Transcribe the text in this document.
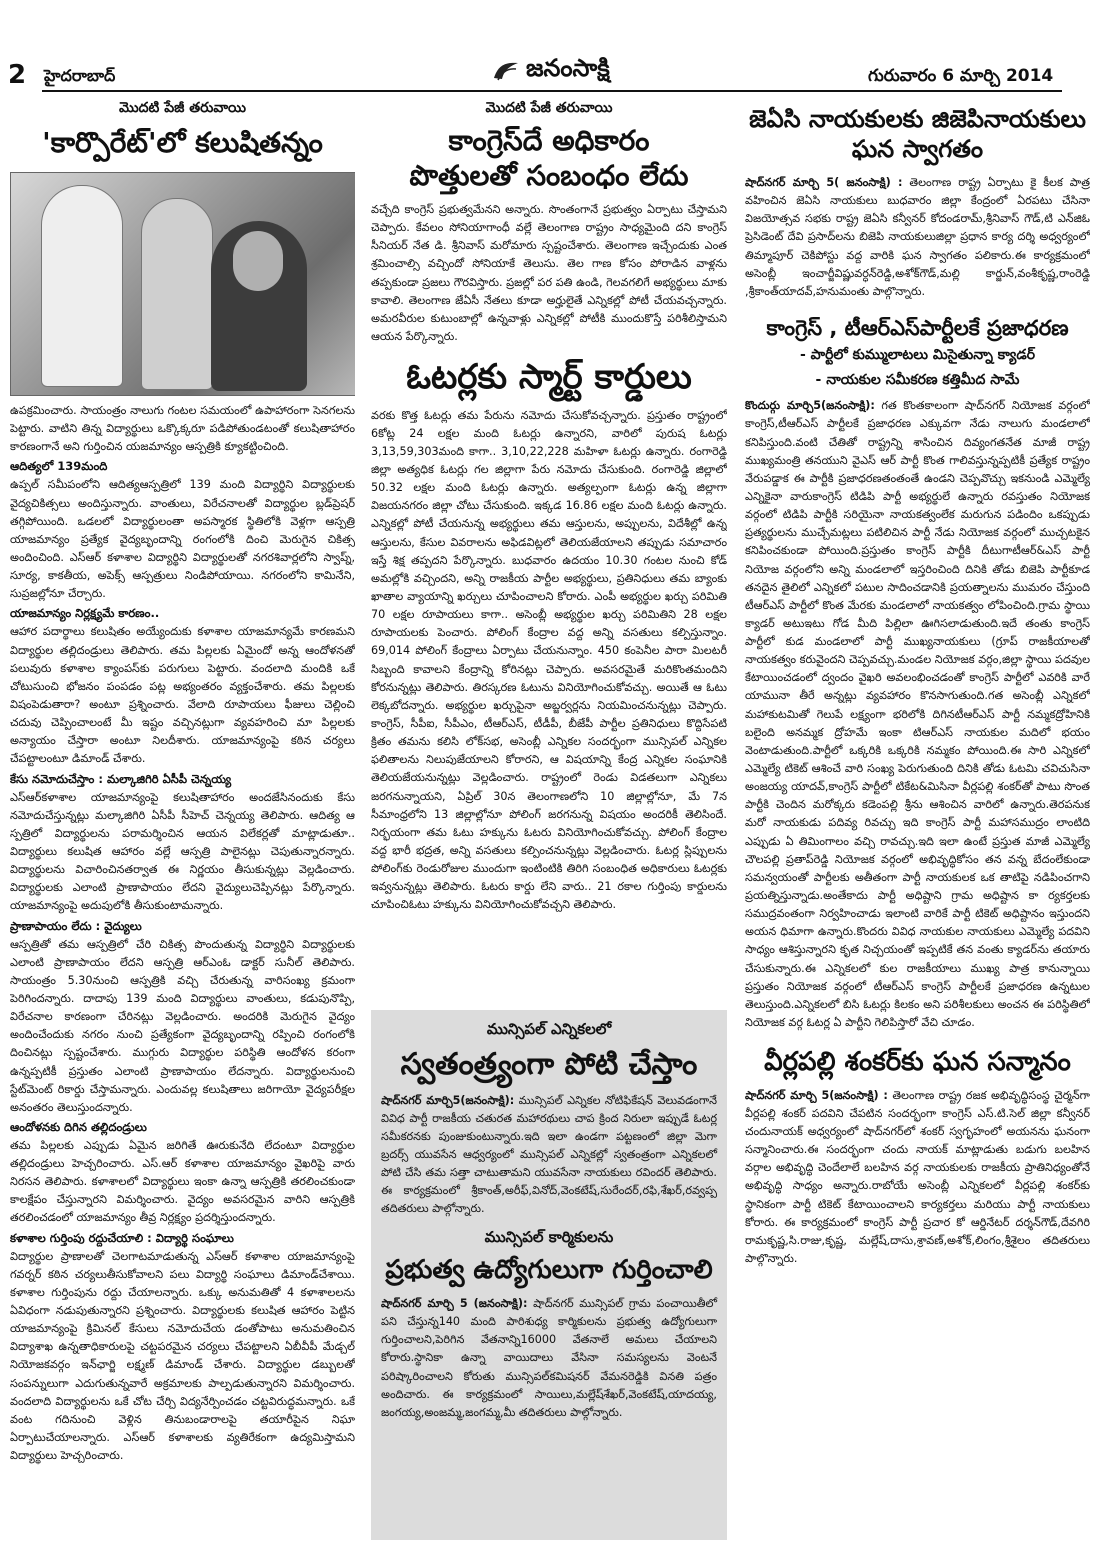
2 హైదరాబాద్	జనంసాక్షి	గురువారం 6 మార్చి 2014

మొదటి పేజీ తరువాయి

'కార్పొరేట్'లో కలుషితన్నం

ఉపక్రమించారు. సాయంత్రం నాలుగు గంటల సమయంలో ఉపాహారంగా సెనగలను పెట్టారు. వాటిని తిన్న విద్యార్థులు ఒక్కొక్కరూ పడిపోతుండటంతో కలుషితాహారం కారణంగానే అని గుర్తించిన యజమాన్యం ఆస్పత్రికి క్యూకట్టించింది.

ఆదిత్యలో 139మంది

ఉప్పల్ సమీపంలోని ఆదిత్యఆస్పత్రిలో 139 మంది విద్యార్థిని విద్యార్థులకు వైద్యచికిత్సలు అందిస్తున్నారు. వాంతులు, విరేచనాలతో విద్యార్థుల బ్లడ్‌ప్రెషర్ తగ్గిపోయింది. ఒడలలో విద్యార్థులంతా అపస్మారక స్థితిలోకి వెళ్లగా ఆస్పత్రి యాజమాన్యం ప్రత్యేక వైద్యబృందాన్ని రంగంలోకి దించి మెరుగైన చికిత్స అందించింది. ఎస్ఆర్ కళాశాల విద్యార్థిని విద్యార్థులతో నగరశివార్లలోని స్వాప్న్, సూర్య, కాకతీయ, అపెక్స్ ఆస్పత్రులు నిండిపోయాయి. నగరంలోని కామినేని, సుప్రజల్లోనూ చేర్చారు.

యాజమాన్యం నిర్లక్ష్యమే కారణం..

ఆహార పదార్థాలు కలుషితం అయ్యేందుకు కళాశాల యాజమాన్యమే కారణమని విద్యార్థుల తల్లిదండ్రులు తెలిపారు. తమ పిల్లలకు ఏమైందో అన్న ఆందోళనతో పలువురు కళాశాల క్యాంపస్‌కు పరుగులు పెట్టారు. వందలాది మందికి ఒకే చోటుసుంచి భోజనం పంపడం పట్ల అభ్యంతరం వ్యక్తంచేశారు. తమ పిల్లలకు విషంపెడుతారా? అంటూ ప్రశ్నించారు. వేలాది రూపాయలు ఫీజులు చెల్లించి చదువు చెప్పించాలంటే మీ ఇష్టం వచ్చినట్లుగా వ్యవహరించి మా పిల్లలకు అన్యాయం చేస్తారా అంటూ నిలదీశారు. యాజమాన్యంపై కఠిన చర్యలు చేపట్టాలంటూ డిమాండ్ చేశారు.

కేసు నమోదుచేస్తాం : మల్కాజిగిరి ఏసీపీ చెన్నయ్య

ఎస్ఆర్‌కళాశాల యాజమాన్యంపై కలుషితాహారం అందజేసినందుకు కేసు నమోదుచేస్తున్నట్లు మల్కాజిగిరి ఏసీపీ సీహెచ్ చెన్నయ్య తెలిపారు. ఆదిత్య ఆ స్పత్రిలో విద్యార్థులను పరామర్శించిన ఆయన విలేకర్లతో మాట్లాడుతూ.. విద్యార్థులు కలుషిత ఆహారం వల్లే ఆస్పత్రి పాలైనట్లు చెపుతున్నారన్నారు. విద్యార్థులను విచారించినతర్వాత ఈ నిర్ణయం తీసుకున్నట్లు వెల్లడించారు. విద్యార్థులకు ఎలాంటి ప్రాణాపాయం లేదని వైద్యులుచెప్పినట్లు పేర్కొన్నారు. యాజమాన్యంపై అదుపులోకి తీసుకుంటామన్నారు.

ప్రాణాపాయం లేదు : వైద్యులు

ఆస్పత్రితో తమ ఆస్పత్రిలో చేరి చికిత్స పొందుతున్న విద్యార్థిని విద్యార్థులకు ఎలాంటి ప్రాణాపాయం లేదని ఆస్పత్రి ఆర్ఎంఓ డాక్టర్ సునీల్ తెలిపారు. సాయంత్రం 5.30నుంచి ఆస్పత్రికి వచ్చి చేరుతున్న వారిసంఖ్య క్రమంగా పెరిగిందన్నారు. దాదాపు 139 మంది విద్యార్థులు వాంతులు, కడుపునొప్పి, విరేచనాల కారణంగా చేరినట్లు వెల్లడించారు. అందరికి మెరుగైన వైద్యం అందించేందుకు నగరం నుంచి ప్రత్యేకంగా వైద్యబృందాన్ని రప్పించి రంగంలోకి దించినట్లు స్పష్టంచేశారు. ముగ్గురు విద్యార్థుల పరిస్థితి ఆందోళన కరంగా ఉన్నప్పటికీ ప్రస్తుతం ఎలాంటి ప్రాణాపాయం లేదన్నారు. విద్యార్థులనుంచి స్టేట్‌మెంట్ రికార్డు చేస్తామన్నారు. ఎందువల్ల కలుషితాలు జరిగాయో వైద్యపరీక్షల అనంతరం తెలుస్తుందన్నారు.

ఆందోళనకు దిగిన తల్లిదండ్రులు

తమ పిల్లలకు ఎప్పుడు ఏమైన జరిగితే ఊరుకునేది లేదంటూ విద్యార్థుల తల్లిదండ్రులు హెచ్చరించారు. ఎస్.ఆర్ కళాశాల యాజమాన్యం వైఖరిపై వారు నిరసన తెలిపారు. కళాశాలలో విద్యార్థులు ఇంకా ఉన్నా ఆస్పత్రికి తరలించకుండా కాలక్షేపం చేస్తున్నారని విమర్శించారు. వైద్యం అవసరమైన వారిని ఆస్పత్రికి తరలించడంలో యాజమాన్యం తీవ్ర నిర్లక్ష్యం ప్రదర్శిస్తుందన్నారు.

కళాశాల గుర్తింపు రద్దుచేయాలి : విద్యార్థి సంఘాలు

విద్యార్థుల ప్రాణాలతో చెలగాటమాడుతున్న ఎస్ఆర్ కళాశాల యాజమాన్యంపై గవర్నర్ కఠిన చర్యలుతీసుకోవాలని పలు విద్యార్థి సంఘాలు డిమాండ్‌చేశాయి. కళాశాల గుర్తింపును రద్దు చేయాలన్నారు. ఒక్కు అనుమతితో 4 కళాశాలలను ఏవిధంగా నడుపుతున్నారని ప్రశ్నించారు. విద్యార్థులకు కలుషిత ఆహారం పెట్టిన యాజమాన్యంపై క్రిమినల్ కేసులు నమోదుచేయ డంతోపాటు అనుమతించిన విద్యాశాఖ ఉన్నతాధికారులపై చట్టపరమైన చర్యలు చేపట్టాలని ఏబీవీపీ మేడ్చల్ నియోజకవర్గం ఇన్‌ఛార్జి లక్ష్మణ్ డిమాండ్ చేశారు. విద్యార్థుల డబ్బులతో సంపన్నులుగా ఎదుగుతున్నవారే అక్రమాలకు పాల్పడుతున్నారని విమర్శించారు. వందలాది విద్యార్థులను ఒకే చోట చేర్చి విద్యనేర్పించడం చట్టవిరుద్ధమన్నారు. ఒకే వంట గదినుంచి వెళ్లిన తినుబండారాలపై తయారీపైన నిఘా ఏర్పాటుచేయాలన్నారు. ఎస్ఆర్ కళాశాలకు వ్యతిరేకంగా ఉద్యమిస్తామని విద్యార్థులు హెచ్చరించారు.

మొదటి పేజీ తరువాయి

కాంగ్రెస్‌దే అధికారం
పొత్తులతో సంబంధం లేదు

వచ్చేది కాంగ్రెస్ ప్రభుత్వమేనని అన్నారు. సొంతంగానే ప్రభుత్వం ఏర్పాటు చేస్తామని చెప్పారు. కేవలం సోనియాగాంధీ వల్లే తెలంగాణ రాష్ట్రం సాధ్యమైంది దని కాంగ్రెస్ సీనియర్ నేత డి. శ్రీనివాస్ మరోమారు స్పష్టంచేశారు. తెలంగాణ ఇచ్చేందుకు ఎంత శ్రమించాల్సి వచ్చిందో సోనియాకే తెలుసు. తెల గాణ కోసం పోరాడిన వాళ్లను తప్పకుండా ప్రజలు గౌరవిస్తారు. ప్రజల్లో పర పతి ఉండి, గెలవగలిగే అభ్యర్థులు మాకు కావాలి. తెలంగాణ జేఏసీ నేతలు కూడా అర్హులైతే ఎన్నికల్లో పోటీ చేయవచ్చన్నారు. అమరవీరుల కుటుంబాల్లో ఉన్నవాళ్లు ఎన్నికల్లో పోటీకి ముందుకొస్తే పరిశీలిస్తామని ఆయన పేర్కొన్నారు.

ఓటర్లకు స్మార్ట్ కార్డులు

వరకు కొత్త ఓటర్లు తమ పేరును నమోదు చేసుకోవచ్చన్నారు. ప్రస్తుతం రాష్ట్రంలో 6కోట్ల 24 లక్షల మంది ఓటర్లు ఉన్నారని, వారిలో పురుష ఓటర్లు 3,13,59,303మంది కాగా.. 3,10,22,228 మహిళా ఓటర్లు ఉన్నారు. రంగారెడ్డి జిల్లా అత్యధిక ఓటర్లు గల జిల్లాగా పేరు నమోదు చేసుకుంది. రంగారెడ్డి జిల్లాలో 50.32 లక్షల మంది ఓటర్లు ఉన్నారు. అత్యల్పంగా ఓటర్లు ఉన్న జిల్లాగా విజయనగరం జిల్లా చోటు చేసుకుంది. ఇక్కడ 16.86 లక్షల మంది ఓటర్లు ఉన్నారు. ఎన్నికల్లో పోటీ చేయనున్న అభ్యర్థులు తమ ఆస్తులను, అప్పులను, విదేశీల్లో ఉన్న ఆస్తులను, కేసుల వివరాలను అఫిడవిట్లలో తెలియజేయాలని తప్పుడు సమాచారం ఇస్తే శిక్ష తప్పదని పేర్కొన్నారు. బుధవారం ఉదయం 10.30 గంటల నుంచి కోడ్ అమల్లోకి వచ్చిందని, అన్ని రాజకీయ పార్టీల అభ్యర్థులు, ప్రతినిధులు తమ బ్యాంకు ఖాతాల వ్యాయాన్ని ఖర్చులు చూపించాలని కోరారు. ఎంపీ అభ్యర్థుల ఖర్చు పరిమితి 70 లక్షల రూపాయలు కాగా.. అసెంబ్లీ అభ్యర్థుల ఖర్చు పరిమితిని 28 లక్షల రూపాయలకు పెంచారు. పోలింగ్ కేంద్రాల వద్ద అన్ని వసతులు కల్పిస్తున్నాం. 69,014 పోలింగ్ కేంద్రాలు ఏర్పాటు చేయనున్నాం. 450 కంపెనీల పారా మిలటరీ సిబ్బంది కావాలని కేంద్రాన్ని కోరినట్లు చెప్పారు. అవసరమైతే మరికొంతమందిని కోరనున్నట్లు తెలిపారు. తిరస్కరణ ఓటును వినియోగించుకోవచ్చు. అయితే ఆ ఓటు లెక్కబోదన్నారు. అభ్యర్థుల ఖర్చుపైనా అబ్జర్వర్లను నియమించనున్నట్లు చెప్పారు. కాంగ్రెస్, సీపీఐ, సీపీఎం, టీఆర్ఎస్, టీడీపీ, బీజేపీ పార్టీల ప్రతినిధులు కొద్దిసేపటి క్రితం తమను కలిసి లోక్‌సభ, అసెంబ్లీ ఎన్నికల సందర్భంగా మున్సిపల్ ఎన్నికల ఫలితాలను నిలుపుజేయాలని కోరారని, ఆ విషయాన్ని కేంద్ర ఎన్నికల సంఘానికి తెలియజేయనున్నట్లు వెల్లడించారు. రాష్ట్రంలో రెండు విడతలుగా ఎన్నికలు జరగనున్నాయని, ఏప్రిల్ 30న తెలంగాణలోని 10 జిల్లాల్లోనూ, మే 7న సీమాంధ్రలోని 13 జిల్లాల్లోనూ పోలింగ్ జరగనున్న విషయం అందరికీ తెలిసిందే. నిర్భయంగా తమ ఓటు హక్కును ఓటరు వినియోగించుకోవచ్చు. పోలింగ్ కేంద్రాల వద్ద భారీ భద్రత, అన్ని వసతులు కల్పించనున్నట్లు వెల్లడించారు. ఓటర్ల స్లిప్పులను పోలింగ్‌కు రెండురోజుల ముందుగా ఇంటింటికి తిరిగి సంబంధిత అధికారులు ఓటర్లకు ఇవ్వనున్నట్లు తెలిపారు. ఓటరు కార్డు లేని వారు.. 21 రకాల గుర్తింపు కార్డులను చూపించిఓటు హక్కును వినియోగించుకోవచ్చని తెలిపారు.

మున్సిపల్ ఎన్నికలలో

స్వతంత్ర్యంగా పోటి చేస్తాం

షాద్‌నగర్ మార్చి5(జనంసాక్షి): మున్సిపల్ ఎన్నికల నోటిఫికేషన్ వెలువడంగానే వివిధ పార్టీ రాజకీయ చతురత మహారథులు చాప క్రింద నిరులా ఇప్పుడే ఓటర్ల సమీకరనకు పుంజుకుంటున్నారు.ఇది ఇలా ఉండగా పట్టణంలో జిల్లా మెగా బ్రదర్స్ యువసేన ఆధ్వర్యంలో మున్సిపల్ ఎన్నికల్లో స్వతంత్రంగా ఎన్నికలలో పోటి చేసి తమ సత్తా చాటుతామని యువసేనా నాయకులు రవిందర్ తెలిపారు. ఈ కార్యక్రమంలో శ్రీకాంత్,అరీఫ్,వినోద్,వెంకటేష్,సురేందర్,రఫి,శేఖర్,రవ్వప్ప తదితరులు పాల్గోన్నారు.

మున్సిపల్ కార్మికులను

ప్రభుత్వ ఉద్యోగులుగా గుర్తించాలి

షాద్‌నగర్ మార్చి 5 (జనంసాక్షి): షాద్‌నగర్ మున్సిపల్ గ్రామ పంచాయితీలో పని చేస్తున్న140 మంది పారిశుధ్య కార్మికులను ప్రభుత్వ ఉద్యోగులుగా గుర్తించాలని,పెరిగిన వేతనాన్ని16000 వేతనాలే అమలు చేయాలని కోరారు.స్థానికా ఉన్నా వాయిదాలు వేసినా సమస్యలను వెంటనే పరిష్కారించాలని కోరుతు మున్సిపల్‌కమిషనర్ వేమనరెడ్డికి వినతి పత్రం అందిచారు. ఈ కార్యక్రమంలో సాయిలు,మల్లేష్‌శేఖర్,వెంకటేష్,యాదయ్య, జంగయ్య,అంజమ్మ,జంగమ్మ,మీ తదితరులు పాల్గోన్నారు.

జెఏసి నాయకులకు జిజెపినాయకులు ఘన స్వాగతం

షాద్‌నగర్ మార్చి 5( జనంసాక్షి) : తెలంగాణ రాష్ట్ర ఏర్పాటు కై కీలక పాత్ర వహించిన జెఏసి నాయకులు బుధవారం జిల్లా కేంద్రంలో ఏరపటు చేసినా విజయోత్సవ సభకు రాష్ట్ర జెఏసి కన్వీనర్ కోదండరామ్,శ్రీనివాస్ గౌడ్,టి ఎన్‌జిఓ ప్రెసిడెంట్ దేవి ప్రసాద్‌లను బిజెపి నాయకులుజిల్లా ప్రధాన కార్య దర్శి అధ్వర్యంలో తిమ్మాపూర్ చెకిపోస్టు వద్ద వారికి ఘన స్వాగతం పలికారు.ఈ కార్యక్రమంలో అసెంబ్లీ ఇంచార్జీవిష్ణువర్ధన్‌రెడ్డి,అశోక్‌గౌడ్,మల్లి కార్జున్,వంశీకృష్ణ,రాంరెడ్డి ,శ్రీకాంత్‌యాదవ్,హనుమంతు పాల్గొన్నారు.

కాంగ్రెస్ , టీఆర్ఎస్‌పార్టీలకే ప్రజాధరణ

- పార్టీలో కుమ్ములాటలు మిసైతున్నా క్యాడర్

- నాయకుల సమీకరణ కత్తిమీద సామే

కొందుర్గు మార్చి5(జనంసాక్షి): గత కొంతకాలంగా షాద్‌నగర్ నియోజక వర్గంలో కాంగ్రెస్,టీఆర్ఎస్ పార్టీలకే ప్రజాధరణ ఎక్కువగా నేడు నాలుగు మండలాలో కనిపిస్తుంది.వంటి చేతితో రాష్ట్రన్ని శాసించిన దివ్యంగతనేత మాజీ రాష్ట్ర ముఖ్యమంత్రి తనయుని వైఎస్ ఆర్ పార్టీ కొంత గాలివస్తున్నప్పటికీ ప్రత్యేక రాష్ట్రం వేరుపడ్డాక ఈ పార్టీకి ప్రజాధరణతంతంతే ఉండని చెప్పవొచ్చు ఇకనుండి ఎమ్మెల్యే ఎన్నికైనా వారుకాంగ్రెస్ టిడిపి పార్టీ అభ్యర్థులే ఉన్నారు రవస్తుతం నియోజక వర్గంలో టిడిపి పార్టీకి సరియైనా నాయకత్వంలేక మరుగున పడిందిం ఒకప్పుడు ప్రత్యర్థులను ముచ్చేమట్లలు పటిలిచిన పార్టీ నేడు నియోజక వర్గంలో ముచ్చటకైన కనిపించకుండా పోయింది.ప్రస్తుతం కాంగ్రెస్ పార్టీకి దీటుగాటీఆర్&ఎస్ పార్టీ నియోజ వర్గంలోని అన్ని మండలాలో ఇస్తరించింది దినికి తోడు బిజెపి పార్టీకూడ తనదైన తైలిలో ఎన్నికలో పటుల సాదించడానికి ప్రయత్నాలను ముమరం చేస్తుంది టీఆర్ఎస్ పార్టీలో కొంత మేరకు మండలాలో నాయకత్వం లోపించింది.గ్రామ స్థాయి క్యాడర్ అటుఇటు గోడ మీది పిల్లిలా ఊగిసలాడుతుంది.ఇదే తంతు కాంగ్రెస్ పార్టీలో కుడ మండలాలో పార్టీ ముఖ్యనాయకులు (గ్రూప్ రాజకీయాలతో నాయకత్వం కరువైందని చెప్పవచ్చు.మండల నియోజక వర్గం,జిల్లా స్థాయి పదవుల కేటాయించడంలో ద్వందం వైఖరి అవలంభించడంతో కాంగ్రెస్ పార్టీలో ఎవరికి వారే యామునా తీరే అన్నట్లు వ్యవహారం కొనసాగుతుంది.గత అసెంబ్లీ ఎన్నికలో మహాకుటమితో గెలుపే లక్ష్యంగా భరిలోకి దిగినటీఆర్ఎస్ పార్టీ నమ్మకద్రోహినికి బలైంది అనమ్మక ద్రోహమే ఇంకా టిఆర్ఎస్ నాయకుల మదిలో భయం వెంటాడుతుంది.పార్టీలో ఒక్కరికి ఒక్కరికి నమ్మకం పోయింది.ఈ సారి ఎన్నికలో ఎమ్మెల్యే టికెట్ ఆశించే వారి సంఖ్య పెరుగుతుంది దినికి తోడు ఓటమి చవిచుసినా అంజయ్య యాదవ్,కాంగ్రెస్ పార్టీలో టికేట&మిసినా వీర్లపల్లి శంకర్‌తో పాటు సొంత పార్టీకి చెందిన మరోక్కరు కడెంపల్లి శ్రీను ఆశించిన వారిలో ఉన్నారు.తెరపనుక మరో నాయకుడు పదివ్య రివచ్చు ఇది కాంగ్రెస్ పార్టీ మహాసముద్రం లాంటిది ఎప్పుడు ఏ తిమింగాలం వచ్చి రావచ్చు.ఇది ఇలా ఉంటే ప్రస్తుత మాజీ ఎమ్మెల్యే చౌలపల్లి ప్రతాప్‌రెడ్డి నియోజక వర్గంలో అభివృద్ధికోసం తన వన్న బేదంలేకుండా సమన్వయంతో పార్టీలకు అతీతంగా పార్టీ నాయకులక ఒక తాటిపై నడిపించగాని ప్రయత్నిస్తున్నాడు.అంతేకాదు పార్టీ అధిష్టాని గ్రామ అధిష్టాన కా ర్యకర్తలకు సముద్రవంతంగా నిర్వహించాడు ఇలాంటి వారికే పార్టీ టికెట్ అధిష్టానం ఇస్తుందని అయన ధిమాగా ఉన్నారు.కొందరు వివిధ నాయకుల నాయకులు ఎమ్మెల్యే పదవిని సాధ్యం ఆశిస్తున్నారని కృత నిచ్చయంతో ఇప్పటికే తన వంతు క్యాడర్‌ను తయారు చేసుకున్నారు.ఈ ఎన్నికలలో కుల రాజకీయాలు ముఖ్య పాత్ర కానున్నాయి ప్రస్తుతం నియోజక వర్గంలో టీఆర్ఎస్ కాంగ్రెస్ పార్టీలకే ప్రజాధరణ ఉన్నటుల తెలుస్తుంది.ఎన్నికలలో బిసి ఓటర్లు కిలకం అని పరిశీలకులు అంచన ఈ పరిస్థితిలో నియోజక వర్గ ఓటర్ల ఏ పార్టీని గెలిపిస్తారో వేచి చూడం.

వీర్లపల్లి శంకర్‌కు ఘన సన్మానం

షాద్‌నగర్ మార్చి 5(జనంసాక్షి) : తెలంగాణ రాష్ట్ర రజక అభివృద్ధిసంస్థ చైర్మన్‌గా వీర్లపల్లి శంకర్ పదవిని చేపటిన సందర్భంగా కాంగ్రెస్ ఎస్.టి.సెల్ జిల్లా కన్వీనర్ చందునాయక్ అధ్వర్యంలో షాద్‌నగర్‌లో శంకర్ స్వగృహంలో అయనను ఘనంగా సన్మానించారు.ఈ సందర్భంగా చందు నాయక్ మాట్లాడుతు బడుగు బలహిన వర్గాల అభివృద్ధి చెందేలాలే బలహిన వర్గ నాయకులకు రాజకీయ ప్రాతినిధ్యంతోనే అభివృద్ధి సాధ్యం అన్నారు.రాబోయే అసెంబ్లీ ఎన్నికలలో వీర్లపల్లి శంకర్‌కు స్థానికంగా పార్టీ టికెట్ కేటాయించాలని కార్యకర్తలు మరియు పార్టీ నాయకులు కోరారు. ఈ కార్యక్రమంలో కాంగ్రెస్ పార్టీ ప్రచార కో ఆర్డినేటర్ దర్శన్‌గౌడ్,దేవగిరి రామకృష్ణ,సి.రాజు,కృష్ణ, మల్లేష్,దాసు,శ్రావణ్,అశోక్,లింగం,శ్రీశైలం తదితరులు పాల్గొన్నారు.
